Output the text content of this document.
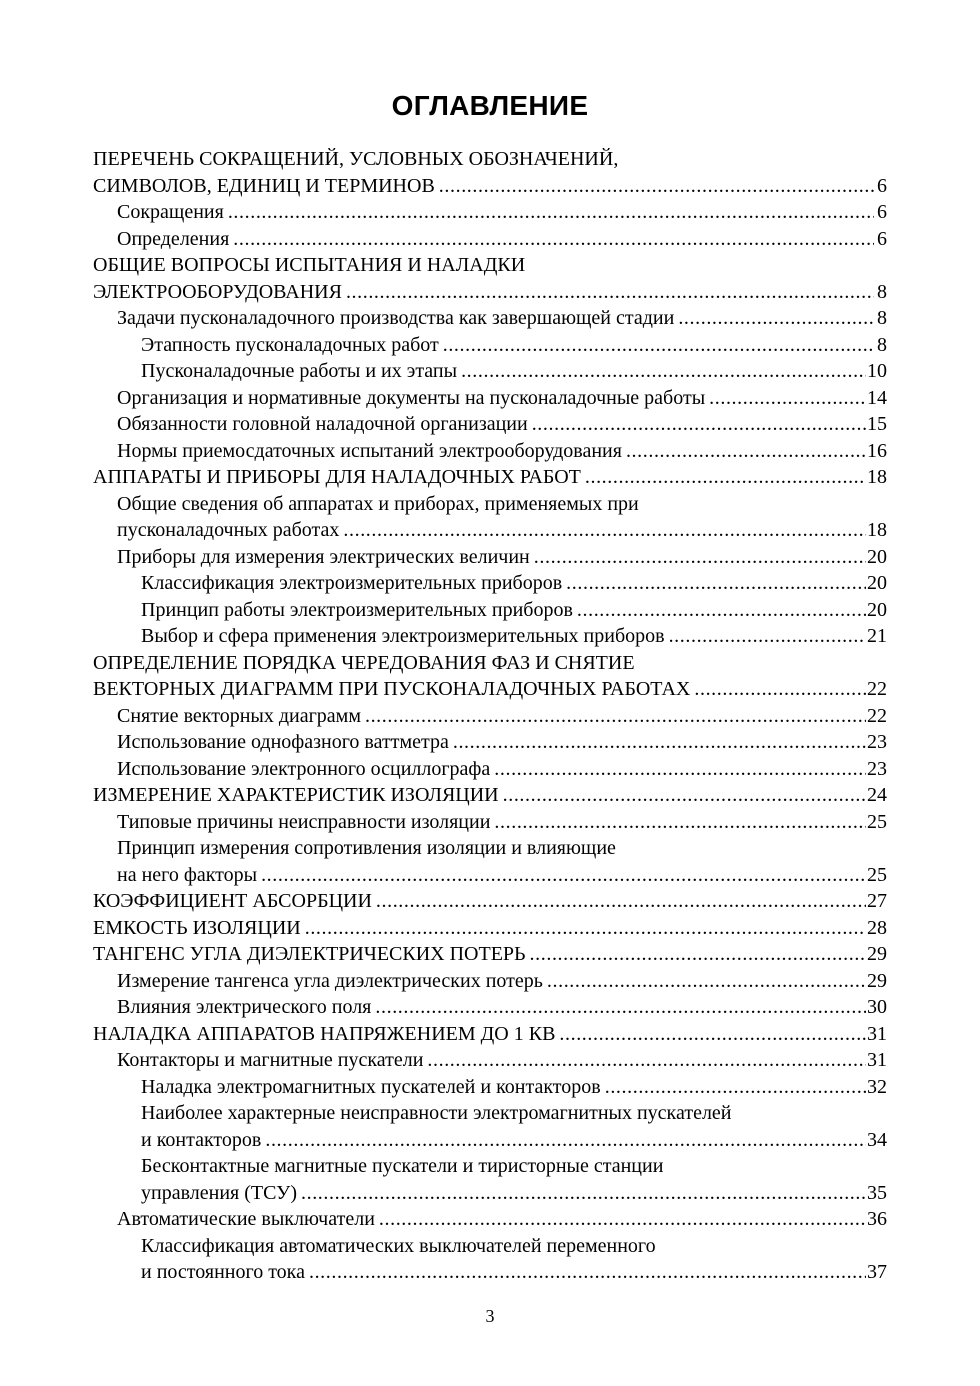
ОГЛАВЛЕНИЕ
ПЕРЕЧЕНЬ СОКРАЩЕНИЙ, УСЛОВНЫХ ОБОЗНАЧЕНИЙ,
СИМВОЛОВ, ЕДИНИЦ И ТЕРМИНОВ .....	6
Сокращения .....	6
Определения .....	6
ОБЩИЕ ВОПРОСЫ ИСПЫТАНИЯ И НАЛАДКИ
ЭЛЕКТРООБОРУДОВАНИЯ .....	8
Задачи пусконаладочного производства как завершающей стадии .....	8
Этапность пусконаладочных работ .....	8
Пусконаладочные работы и их этапы .....	10
Организация и нормативные документы на пусконаладочные работы .....	14
Обязанности головной наладочной организации .....	15
Нормы приемосдаточных испытаний электрооборудования .....	16
АППАРАТЫ И ПРИБОРЫ ДЛЯ НАЛАДОЧНЫХ РАБОТ .....	18
Общие сведения об аппаратах и приборах, применяемых при
пусконаладочных работах .....	18
Приборы для измерения электрических величин .....	20
Классификация электроизмерительных приборов .....	20
Принцип работы электроизмерительных приборов .....	20
Выбор и сфера применения электроизмерительных приборов .....	21
ОПРЕДЕЛЕНИЕ ПОРЯДКА ЧЕРЕДОВАНИЯ ФАЗ И СНЯТИЕ
ВЕКТОРНЫХ ДИАГРАММ ПРИ ПУСКОНАЛАДОЧНЫХ РАБОТАХ .....	22
Снятие векторных диаграмм .....	22
Использование однофазного ваттметра .....	23
Использование электронного осциллографа .....	23
ИЗМЕРЕНИЕ ХАРАКТЕРИСТИК ИЗОЛЯЦИИ .....	24
Типовые причины неисправности изоляции .....	25
Принцип измерения сопротивления изоляции и влияющие
на него факторы .....	25
КОЭФФИЦИЕНТ АБСОРБЦИИ .....	27
ЕМКОСТЬ ИЗОЛЯЦИИ .....	28
ТАНГЕНС УГЛА ДИЭЛЕКТРИЧЕСКИХ ПОТЕРЬ .....	29
Измерение тангенса угла диэлектрических потерь .....	29
Влияния электрического поля .....	30
НАЛАДКА АППАРАТОВ НАПРЯЖЕНИЕМ ДО 1 КВ .....	31
Контакторы и магнитные пускатели .....	31
Наладка электромагнитных пускателей и контакторов .....	32
Наиболее характерные неисправности электромагнитных пускателей
и контакторов .....	34
Бесконтактные магнитные пускатели и тиристорные станции
управления (ТСУ) .....	35
Автоматические выключатели .....	36
Классификация автоматических выключателей переменного
и постоянного тока .....	37
3
